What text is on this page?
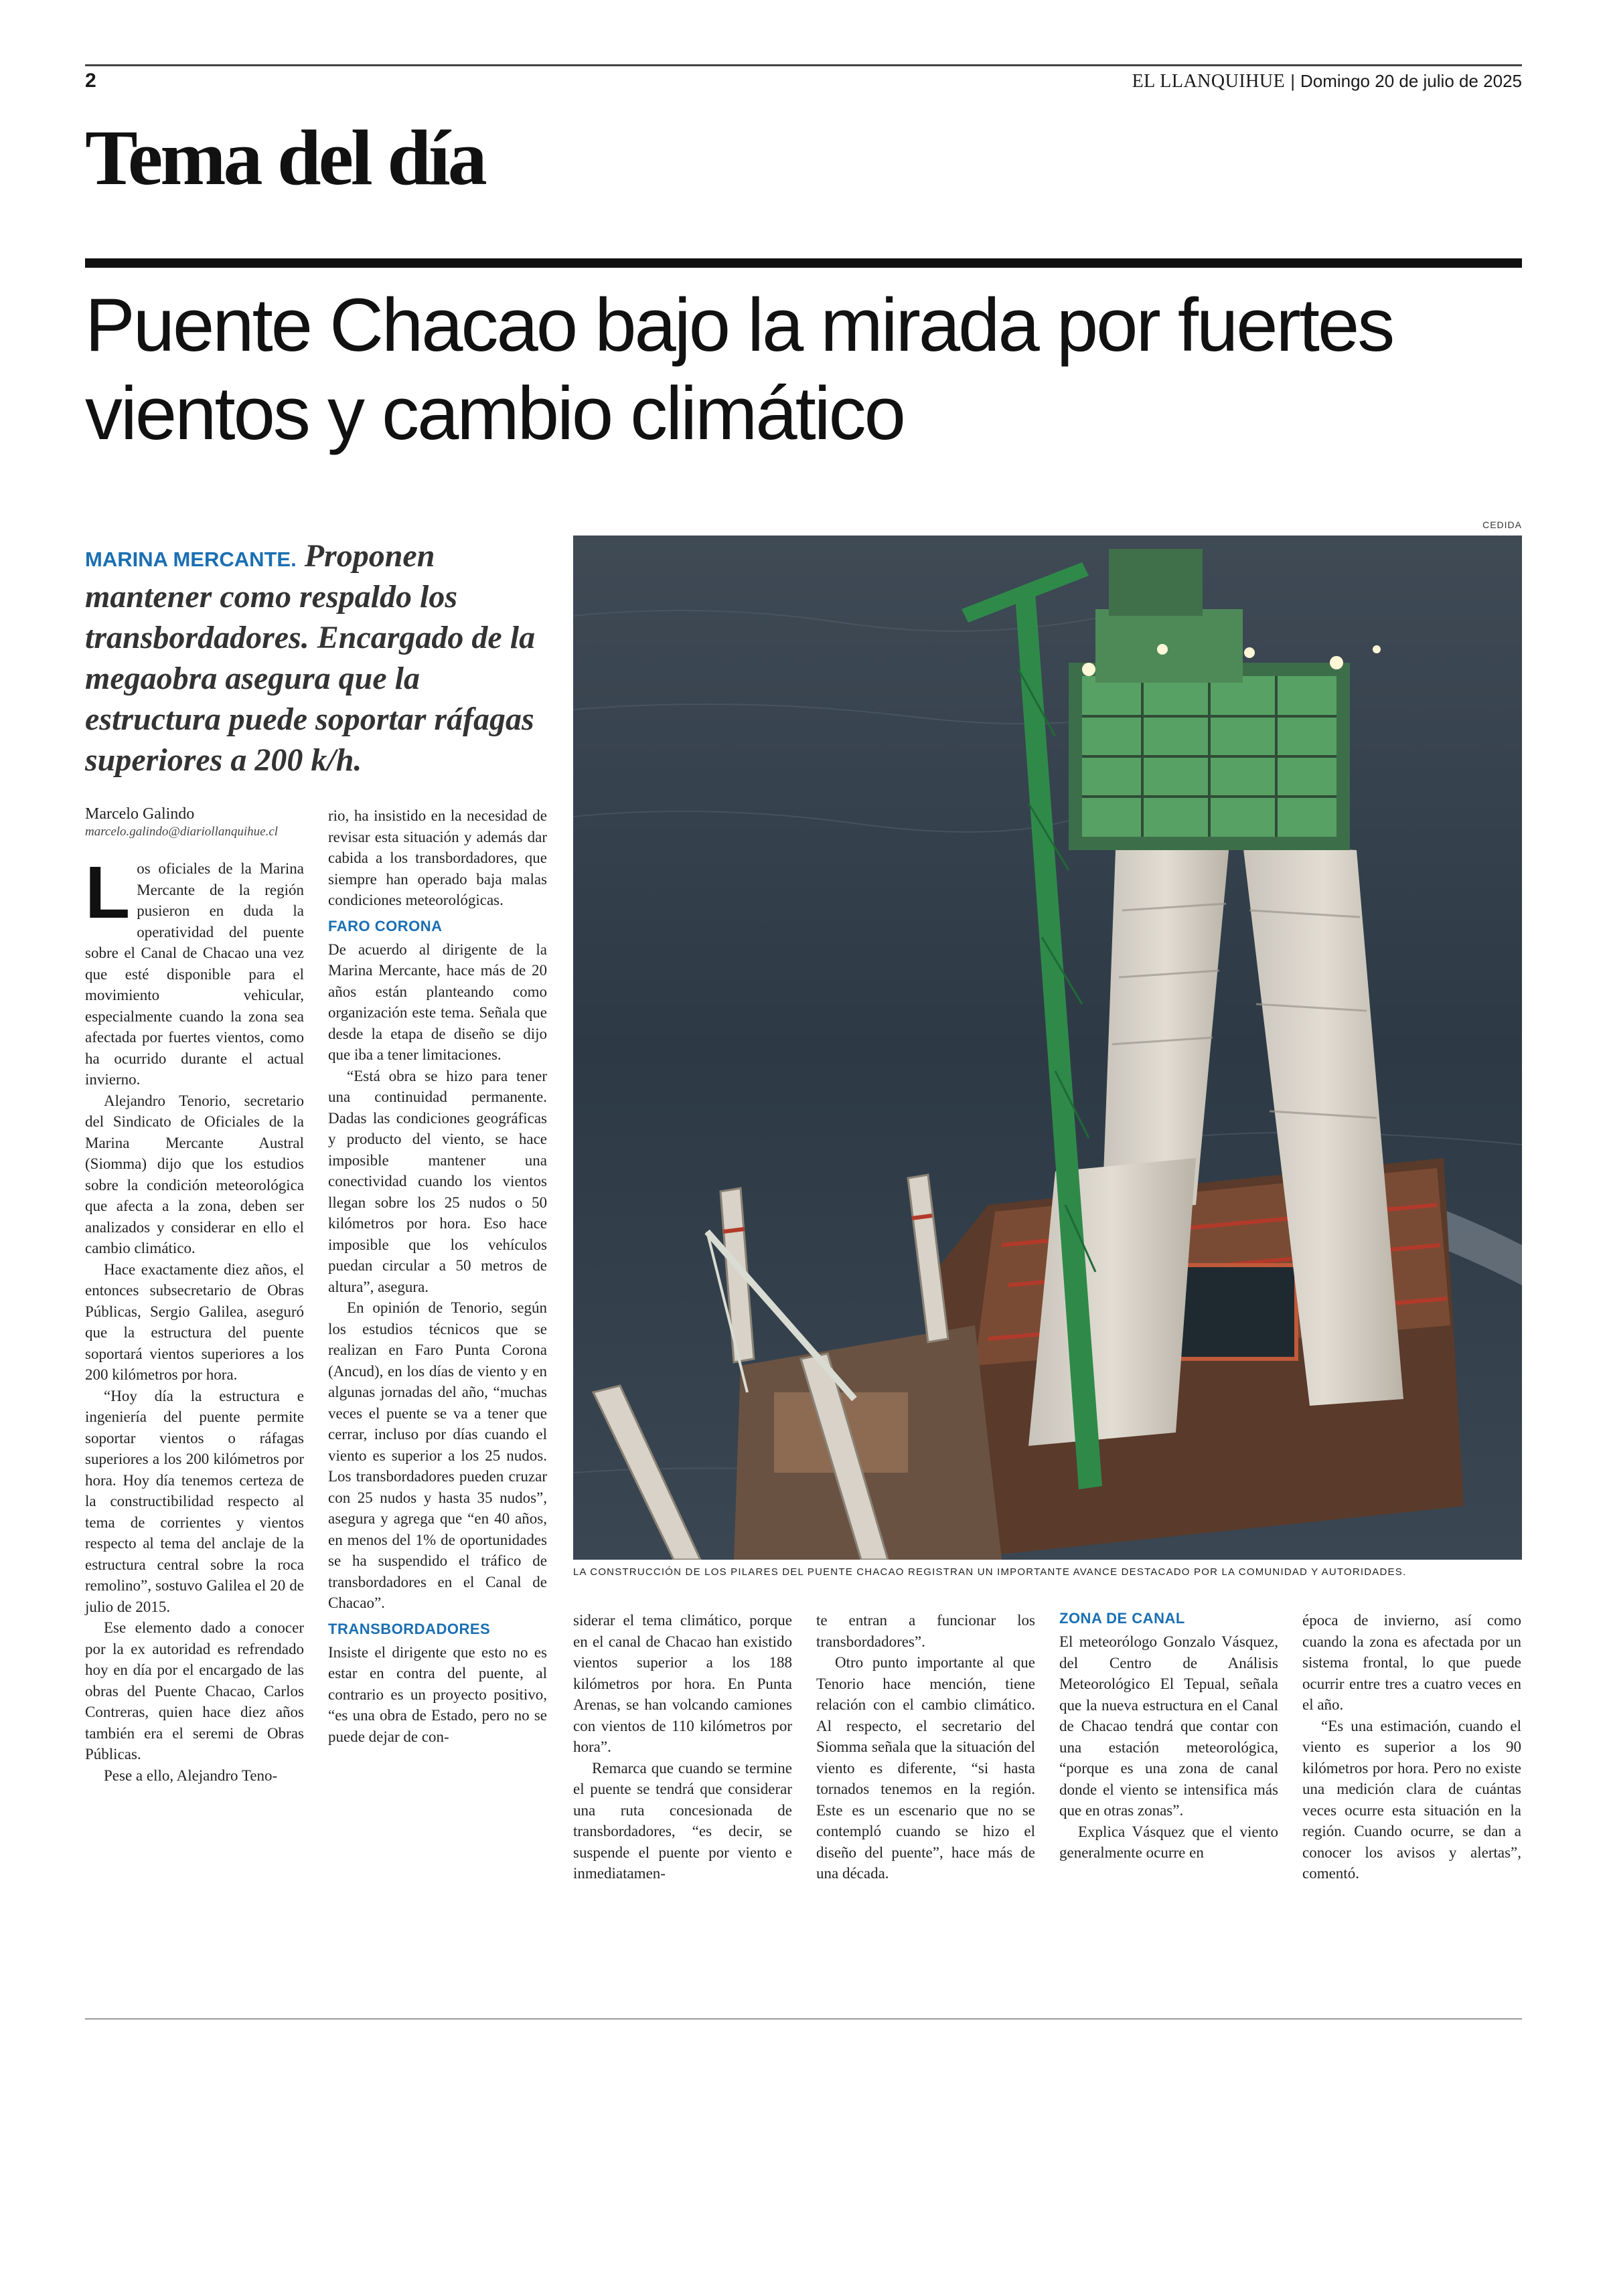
2	EL LLANQUIHUE | Domingo 20 de julio de 2025
Tema del día
Puente Chacao bajo la mirada por fuertes vientos y cambio climático
CEDIDA
MARINA MERCANTE. Proponen mantener como respaldo los transbordadores. Encargado de la megaobra asegura que la estructura puede soportar ráfagas superiores a 200 k/h.
LA CONSTRUCCIÓN DE LOS PILARES DEL PUENTE CHACAO REGISTRAN UN IMPORTANTE AVANCE DESTACADO POR LA COMUNIDAD Y AUTORIDADES.
Marcelo Galindo
marcelo.galindo@diariollanquihue.cl

Los oficiales de la Marina Mercante de la región pusieron en duda la operatividad del puente sobre el Canal de Chacao una vez que esté disponible para el movimiento vehicular, especialmente cuando la zona sea afectada por fuertes vientos, como ha ocurrido durante el actual invierno.

Alejandro Tenorio, secretario del Sindicato de Oficiales de la Marina Mercante Austral (Siomma) dijo que los estudios sobre la condición meteorológica que afecta a la zona, deben ser analizados y considerar en ello el cambio climático.

Hace exactamente diez años, el entonces subsecretario de Obras Públicas, Sergio Galilea, aseguró que la estructura del puente soportará vientos superiores a los 200 kilómetros por hora.

“Hoy día la estructura e ingeniería del puente permite soportar vientos o ráfagas superiores a los 200 kilómetros por hora. Hoy día tenemos certeza de la constructibilidad respecto al tema de corrientes y vientos respecto al tema del anclaje de la estructura central sobre la roca remolino”, sostuvo Galilea el 20 de julio de 2015.

Ese elemento dado a conocer por la ex autoridad es refrendado hoy en día por el encargado de las obras del Puente Chacao, Carlos Contreras, quien hace diez años también era el seremi de Obras Públicas.

Pese a ello, Alejandro Teno-

rio, ha insistido en la necesidad de revisar esta situación y además dar cabida a los transbordadores, que siempre han operado baja malas condiciones meteorológicas.

FARO CORONA

De acuerdo al dirigente de la Marina Mercante, hace más de 20 años están planteando como organización este tema. Señala que desde la etapa de diseño se dijo que iba a tener limitaciones.

“Está obra se hizo para tener una continuidad permanente. Dadas las condiciones geográficas y producto del viento, se hace imposible mantener una conectividad cuando los vientos llegan sobre los 25 nudos o 50 kilómetros por hora. Eso hace imposible que los vehículos puedan circular a 50 metros de altura”, asegura.

En opinión de Tenorio, según los estudios técnicos que se realizan en Faro Punta Corona (Ancud), en los días de viento y en algunas jornadas del año, “muchas veces el puente se va a tener que cerrar, incluso por días cuando el viento es superior a los 25 nudos. Los transbordadores pueden cruzar con 25 nudos y hasta 35 nudos”, asegura y agrega que “en 40 años, en menos del 1% de oportunidades se ha suspendido el tráfico de transbordadores en el Canal de Chacao”.

TRANSBORDADORES

Insiste el dirigente que esto no es estar en contra del puente, al contrario es un proyecto positivo, “es una obra de Estado, pero no se puede dejar de con-

siderar el tema climático, porque en el canal de Chacao han existido vientos superior a los 188 kilómetros por hora. En Punta Arenas, se han volcando camiones con vientos de 110 kilómetros por hora”.

Remarca que cuando se termine el puente se tendrá que considerar una ruta concesionada de transbordadores, “es decir, se suspende el puente por viento e inmediatamen-

te entran a funcionar los transbordadores”.

Otro punto importante al que Tenorio hace mención, tiene relación con el cambio climático. Al respecto, el secretario del Siomma señala que la situación del viento es diferente, “si hasta tornados tenemos en la región. Este es un escenario que no se contempló cuando se hizo el diseño del puente”, hace más de una década.

ZONA DE CANAL

El meteorólogo Gonzalo Vásquez, del Centro de Análisis Meteorológico El Tepual, señala que la nueva estructura en el Canal de Chacao tendrá que contar con una estación meteorológica, “porque es una zona de canal donde el viento se intensifica más que en otras zonas”.

Explica Vásquez que el viento generalmente ocurre en

época de invierno, así como cuando la zona es afectada por un sistema frontal, lo que puede ocurrir entre tres a cuatro veces en el año.

“Es una estimación, cuando el viento es superior a los 90 kilómetros por hora. Pero no existe una medición clara de cuántas veces ocurre esta situación en la región. Cuando ocurre, se dan a conocer los avisos y alertas”, comentó.
